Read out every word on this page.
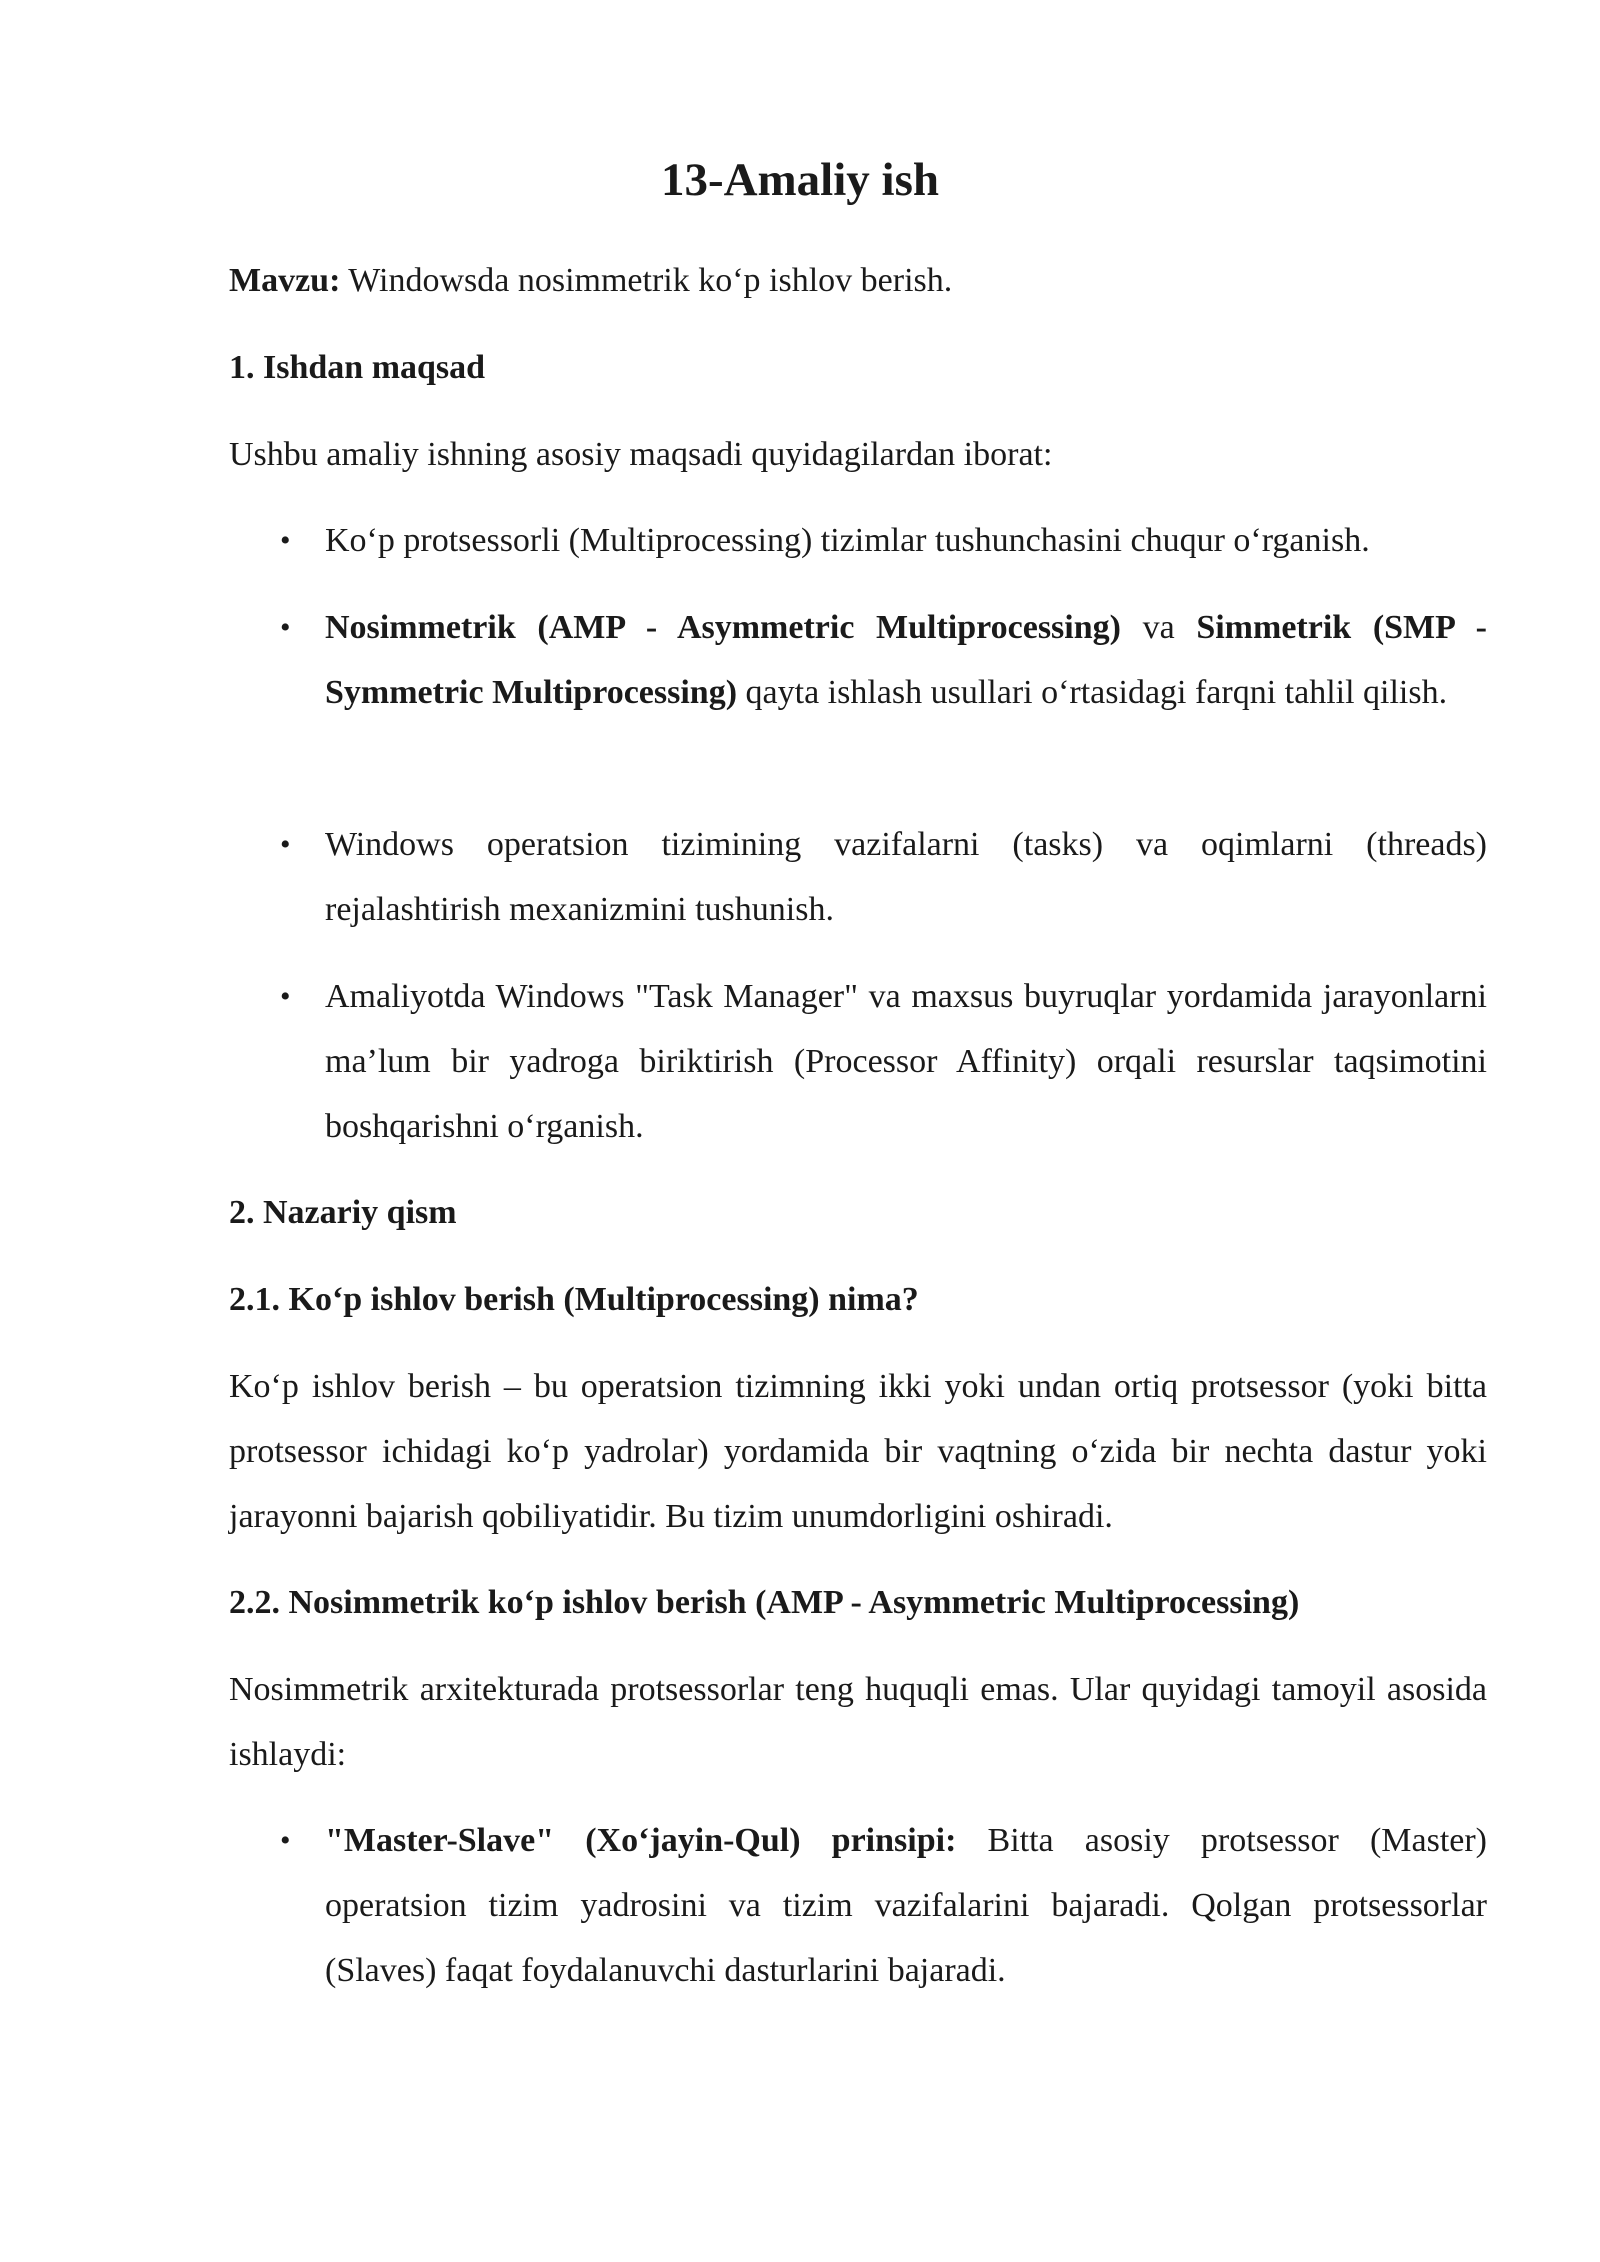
13-Amaliy ish

Mavzu: Windowsda nosimmetrik ko‘p ishlov berish.

1. Ishdan maqsad

Ushbu amaliy ishning asosiy maqsadi quyidagilardan iborat:

• Ko‘p protsessorli (Multiprocessing) tizimlar tushunchasini chuqur o‘rganish.

• Nosimmetrik (AMP - Asymmetric Multiprocessing) va Simmetrik (SMP - Symmetric Multiprocessing) qayta ishlash usullari o‘rtasidagi farqni tahlil qilish.

• Windows operatsion tizimining vazifalarni (tasks) va oqimlarni (threads) rejalashtirish mexanizmini tushunish.

• Amaliyotda Windows "Task Manager" va maxsus buyruqlar yordamida jarayonlarni ma’lum bir yadroga biriktirish (Processor Affinity) orqali resurslar taqsimotini boshqarishni o‘rganish.

2. Nazariy qism

2.1. Ko‘p ishlov berish (Multiprocessing) nima?

Ko‘p ishlov berish – bu operatsion tizimning ikki yoki undan ortiq protsessor (yoki bitta protsessor ichidagi ko‘p yadrolar) yordamida bir vaqtning o‘zida bir nechta dastur yoki jarayonni bajarish qobiliyatidir. Bu tizim unumdorligini oshiradi.

2.2. Nosimmetrik ko‘p ishlov berish (AMP - Asymmetric Multiprocessing)

Nosimmetrik arxitekturada protsessorlar teng huquqli emas. Ular quyidagi tamoyil asosida ishlaydi:

• "Master-Slave" (Xo‘jayin-Qul) prinsipi: Bitta asosiy protsessor (Master) operatsion tizim yadrosini va tizim vazifalarini bajaradi. Qolgan protsessorlar (Slaves) faqat foydalanuvchi dasturlarini bajaradi.
